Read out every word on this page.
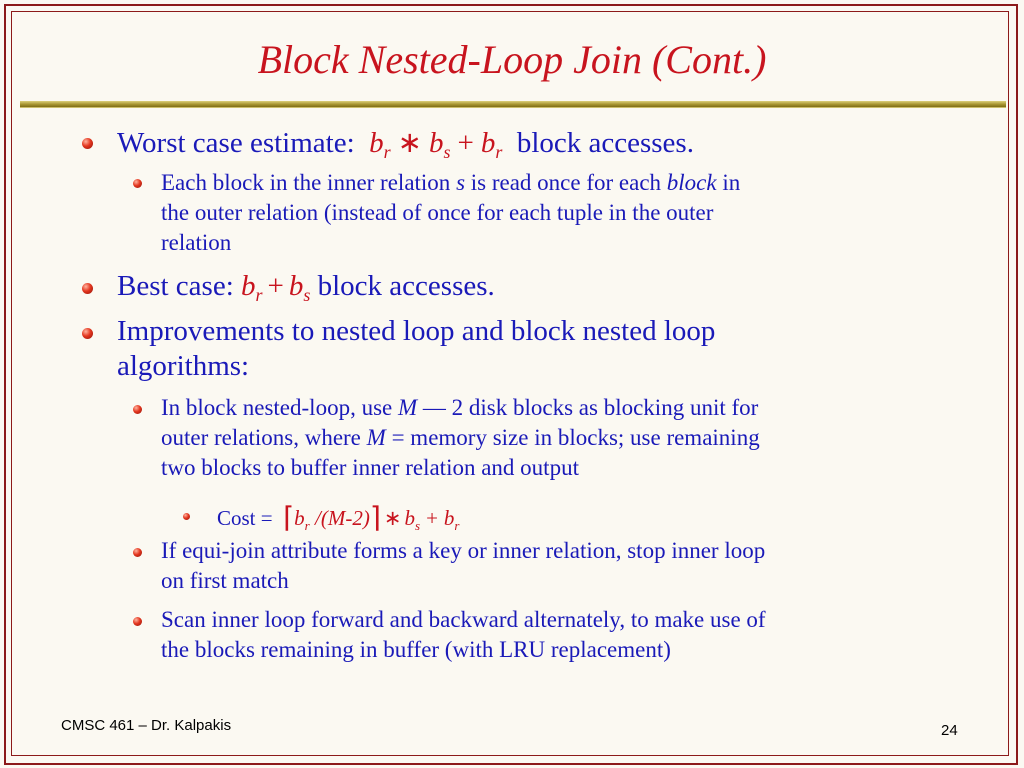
Block Nested-Loop Join (Cont.)
Worst case estimate: $b_r$ ∗ $b_s + b_r$ block accesses.
Each block in the inner relation s is read once for each block in
the outer relation (instead of once for each tuple in the outer
relation
Best case: $b_r + b_s$ block accesses.
Improvements to nested loop and block nested loop
algorithms:
In block nested-loop, use M — 2 disk blocks as blocking unit for
outer relations, where M = memory size in blocks; use remaining
two blocks to buffer inner relation and output
Cost = $⌈b_r$ /(M-2)⌉ ∗ $b_s + b_r$
If equi-join attribute forms a key or inner relation, stop inner loop
on first match
Scan inner loop forward and backward alternately, to make use of
the blocks remaining in buffer (with LRU replacement)
CMSC 461 – Dr. Kalpakis	24
